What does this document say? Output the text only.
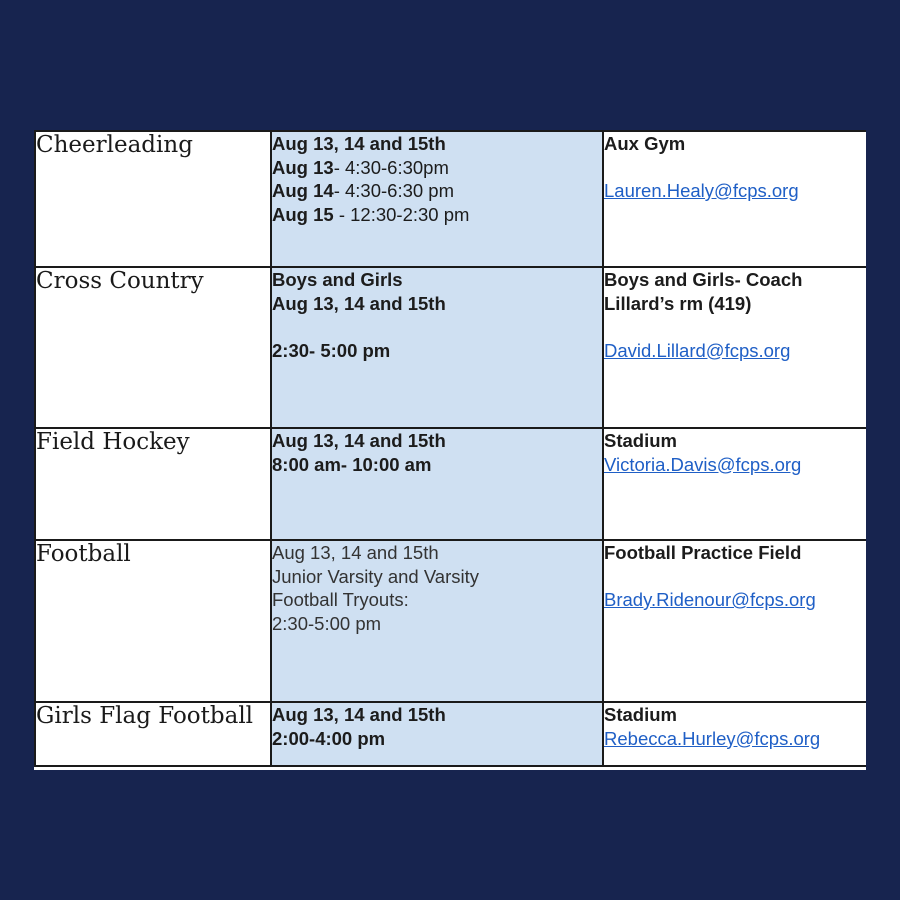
Cheerleading	Aug 13, 14 and 15th
Aug 13- 4:30-6:30pm
Aug 14- 4:30-6:30 pm
Aug 15 - 12:30-2:30 pm	Aux Gym
Lauren.Healy@fcps.org

Cross Country	Boys and Girls
Aug 13, 14 and 15th
2:30- 5:00 pm	Boys and Girls- Coach
Lillard’s rm (419)
David.Lillard@fcps.org

Field Hockey	Aug 13, 14 and 15th
8:00 am- 10:00 am	Stadium
Victoria.Davis@fcps.org

Football	Aug 13, 14 and 15th
Junior Varsity and Varsity
Football Tryouts:
2:30-5:00 pm	Football Practice Field
Brady.Ridenour@fcps.org

Girls Flag Football	Aug 13, 14 and 15th
2:00-4:00 pm	Stadium
Rebecca.Hurley@fcps.org
